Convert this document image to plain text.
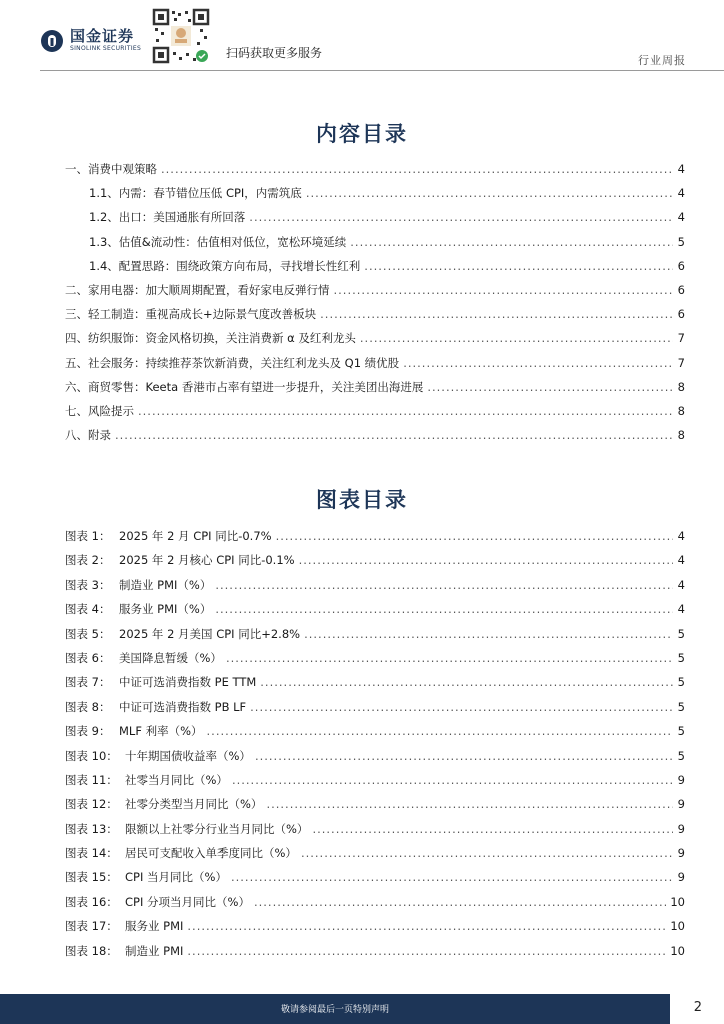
国金证券
SINOLINK SECURITIES	扫码获取更多服务
行业周报
内容目录
一、消费中观策略 .....	4
1.1、内需：春节错位压低 CPI，内需筑底 .....	4
1.2、出口：美国通胀有所回落 .....	4
1.3、估值&流动性：估值相对低位，宽松环境延续 .....	5
1.4、配置思路：围绕政策方向布局，寻找增长性红利 .....	6
二、家用电器：加大顺周期配置，看好家电反弹行情 .....	6
三、轻工制造：重视高成长+边际景气度改善板块 .....	6
四、纺织服饰：资金风格切换，关注消费新 α 及红利龙头 .....	7
五、社会服务：持续推荐茶饮新消费，关注红利龙头及 Q1 绩优股 .....	7
六、商贸零售：Keeta 香港市占率有望进一步提升，关注美团出海进展 .....	8
七、风险提示 .....	8
八、附录 .....	8
图表目录
图表 1： 2025 年 2 月 CPI 同比-0.7% .....	4
图表 2： 2025 年 2 月核心 CPI 同比-0.1% .....	4
图表 3： 制造业 PMI（%） .....	4
图表 4： 服务业 PMI（%） .....	4
图表 5： 2025 年 2 月美国 CPI 同比+2.8% .....	5
图表 6： 美国降息暂缓（%） .....	5
图表 7： 中证可选消费指数 PE TTM .....	5
图表 8： 中证可选消费指数 PB LF .....	5
图表 9： MLF 利率（%） .....	5
图表 10： 十年期国债收益率（%） .....	5
图表 11： 社零当月同比（%） .....	9
图表 12： 社零分类型当月同比（%） .....	9
图表 13： 限额以上社零分行业当月同比（%） .....	9
图表 14： 居民可支配收入单季度同比（%） .....	9
图表 15： CPI 当月同比（%） .....	9
图表 16： CPI 分项当月同比（%） .....	10
图表 17： 服务业 PMI .....	10
图表 18： 制造业 PMI .....	10
敬请参阅最后一页特别声明	2
